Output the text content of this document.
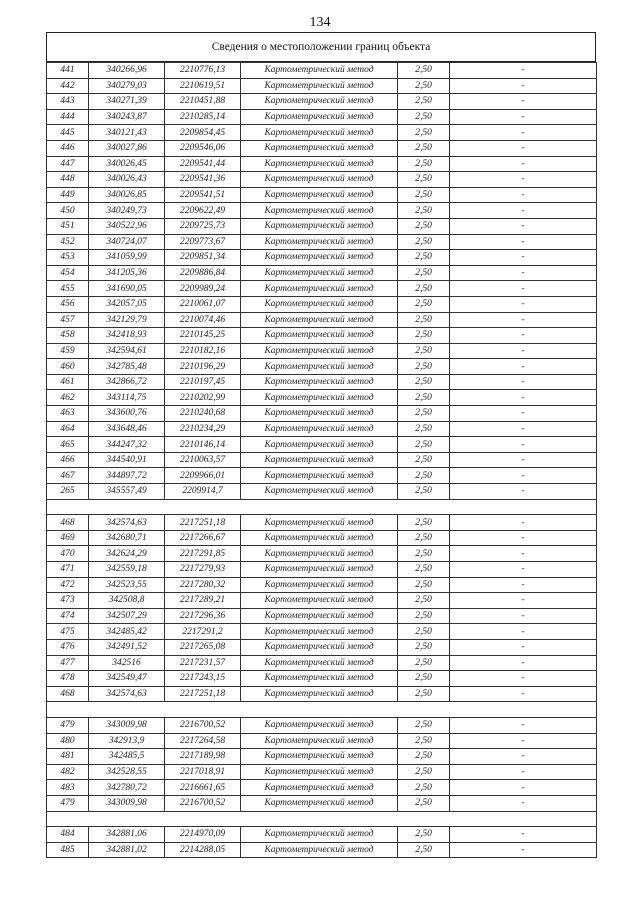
134
Сведения о местоположении границ объекта
441	340266,96	2210776,13	Картометрический метод	2,50	-
442	340279,03	2210619,51	Картометрический метод	2,50	-
443	340271,39	2210451,88	Картометрический метод	2,50	-
444	340243,87	2210285,14	Картометрический метод	2,50	-
445	340121,43	2209854,45	Картометрический метод	2,50	-
446	340027,86	2209546,06	Картометрический метод	2,50	-
447	340026,45	2209541,44	Картометрический метод	2,50	-
448	340026,43	2209541,36	Картометрический метод	2,50	-
449	340026,85	2209541,51	Картометрический метод	2,50	-
450	340249,73	2209622,49	Картометрический метод	2,50	-
451	340522,96	2209725,73	Картометрический метод	2,50	-
452	340724,07	2209773,67	Картометрический метод	2,50	-
453	341059,99	2209851,34	Картометрический метод	2,50	-
454	341205,36	2209886,84	Картометрический метод	2,50	-
455	341690,05	2209989,24	Картометрический метод	2,50	-
456	342057,05	2210061,07	Картометрический метод	2,50	-
457	342129,79	2210074,46	Картометрический метод	2,50	-
458	342418,93	2210145,25	Картометрический метод	2,50	-
459	342594,61	2210182,16	Картометрический метод	2,50	-
460	342785,48	2210196,29	Картометрический метод	2,50	-
461	342866,72	2210197,45	Картометрический метод	2,50	-
462	343114,75	2210202,99	Картометрический метод	2,50	-
463	343600,76	2210240,68	Картометрический метод	2,50	-
464	343648,46	2210234,29	Картометрический метод	2,50	-
465	344247,32	2210146,14	Картометрический метод	2,50	-
466	344540,91	2210063,57	Картометрический метод	2,50	-
467	344897,72	2209966,01	Картометрический метод	2,50	-
265	345557,49	2209914,7	Картометрический метод	2,50	-

468	342574,63	2217251,18	Картометрический метод	2,50	-
469	342680,71	2217266,67	Картометрический метод	2,50	-
470	342624,29	2217291,85	Картометрический метод	2,50	-
471	342559,18	2217279,93	Картометрический метод	2,50	-
472	342523,55	2217280,32	Картометрический метод	2,50	-
473	342508,8	2217289,21	Картометрический метод	2,50	-
474	342507,29	2217296,36	Картометрический метод	2,50	-
475	342485,42	2217291,2	Картометрический метод	2,50	-
476	342491,52	2217265,08	Картометрический метод	2,50	-
477	342516	2217231,57	Картометрический метод	2,50	-
478	342549,47	2217243,15	Картометрический метод	2,50	-
468	342574,63	2217251,18	Картометрический метод	2,50	-

479	343009,98	2216700,52	Картометрический метод	2,50	-
480	342913,9	2217264,58	Картометрический метод	2,50	-
481	342485,5	2217189,98	Картометрический метод	2,50	-
482	342528,55	2217018,91	Картометрический метод	2,50	-
483	342780,72	2216661,65	Картометрический метод	2,50	-
479	343009,98	2216700,52	Картометрический метод	2,50	-

484	342881,06	2214970,09	Картометрический метод	2,50	-
485	342881,02	2214288,05	Картометрический метод	2,50	-
